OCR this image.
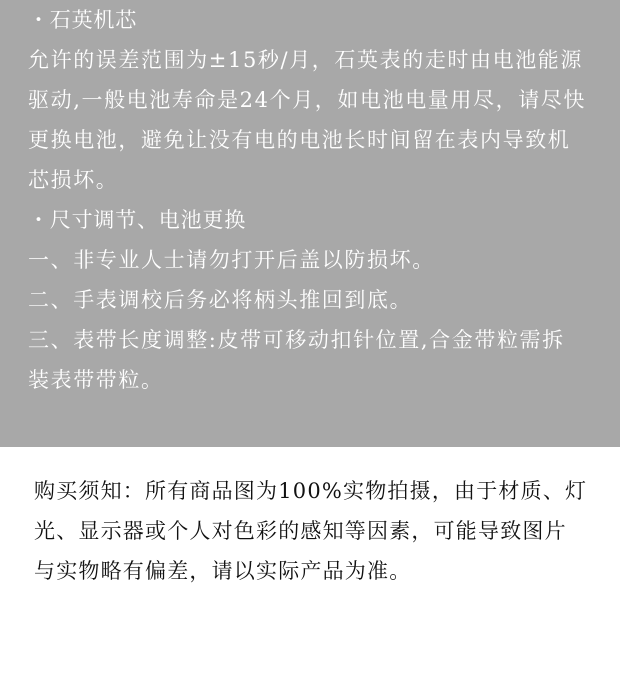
・石英机芯
允许的误差范围为±15秒/月，石英表的走时由电池能源
驱动,一般电池寿命是24个月，如电池电量用尽，请尽快
更换电池，避免让没有电的电池长时间留在表内导致机
芯损坏。
・尺寸调节、电池更换
一、非专业人士请勿打开后盖以防损坏。
二、手表调校后务必将柄头推回到底。
三、表带长度调整:皮带可移动扣针位置,合金带粒需拆
装表带带粒。
购买须知：所有商品图为100%实物拍摄，由于材质、灯
光、显示器或个人对色彩的感知等因素，可能导致图片
与实物略有偏差，请以实际产品为准。
